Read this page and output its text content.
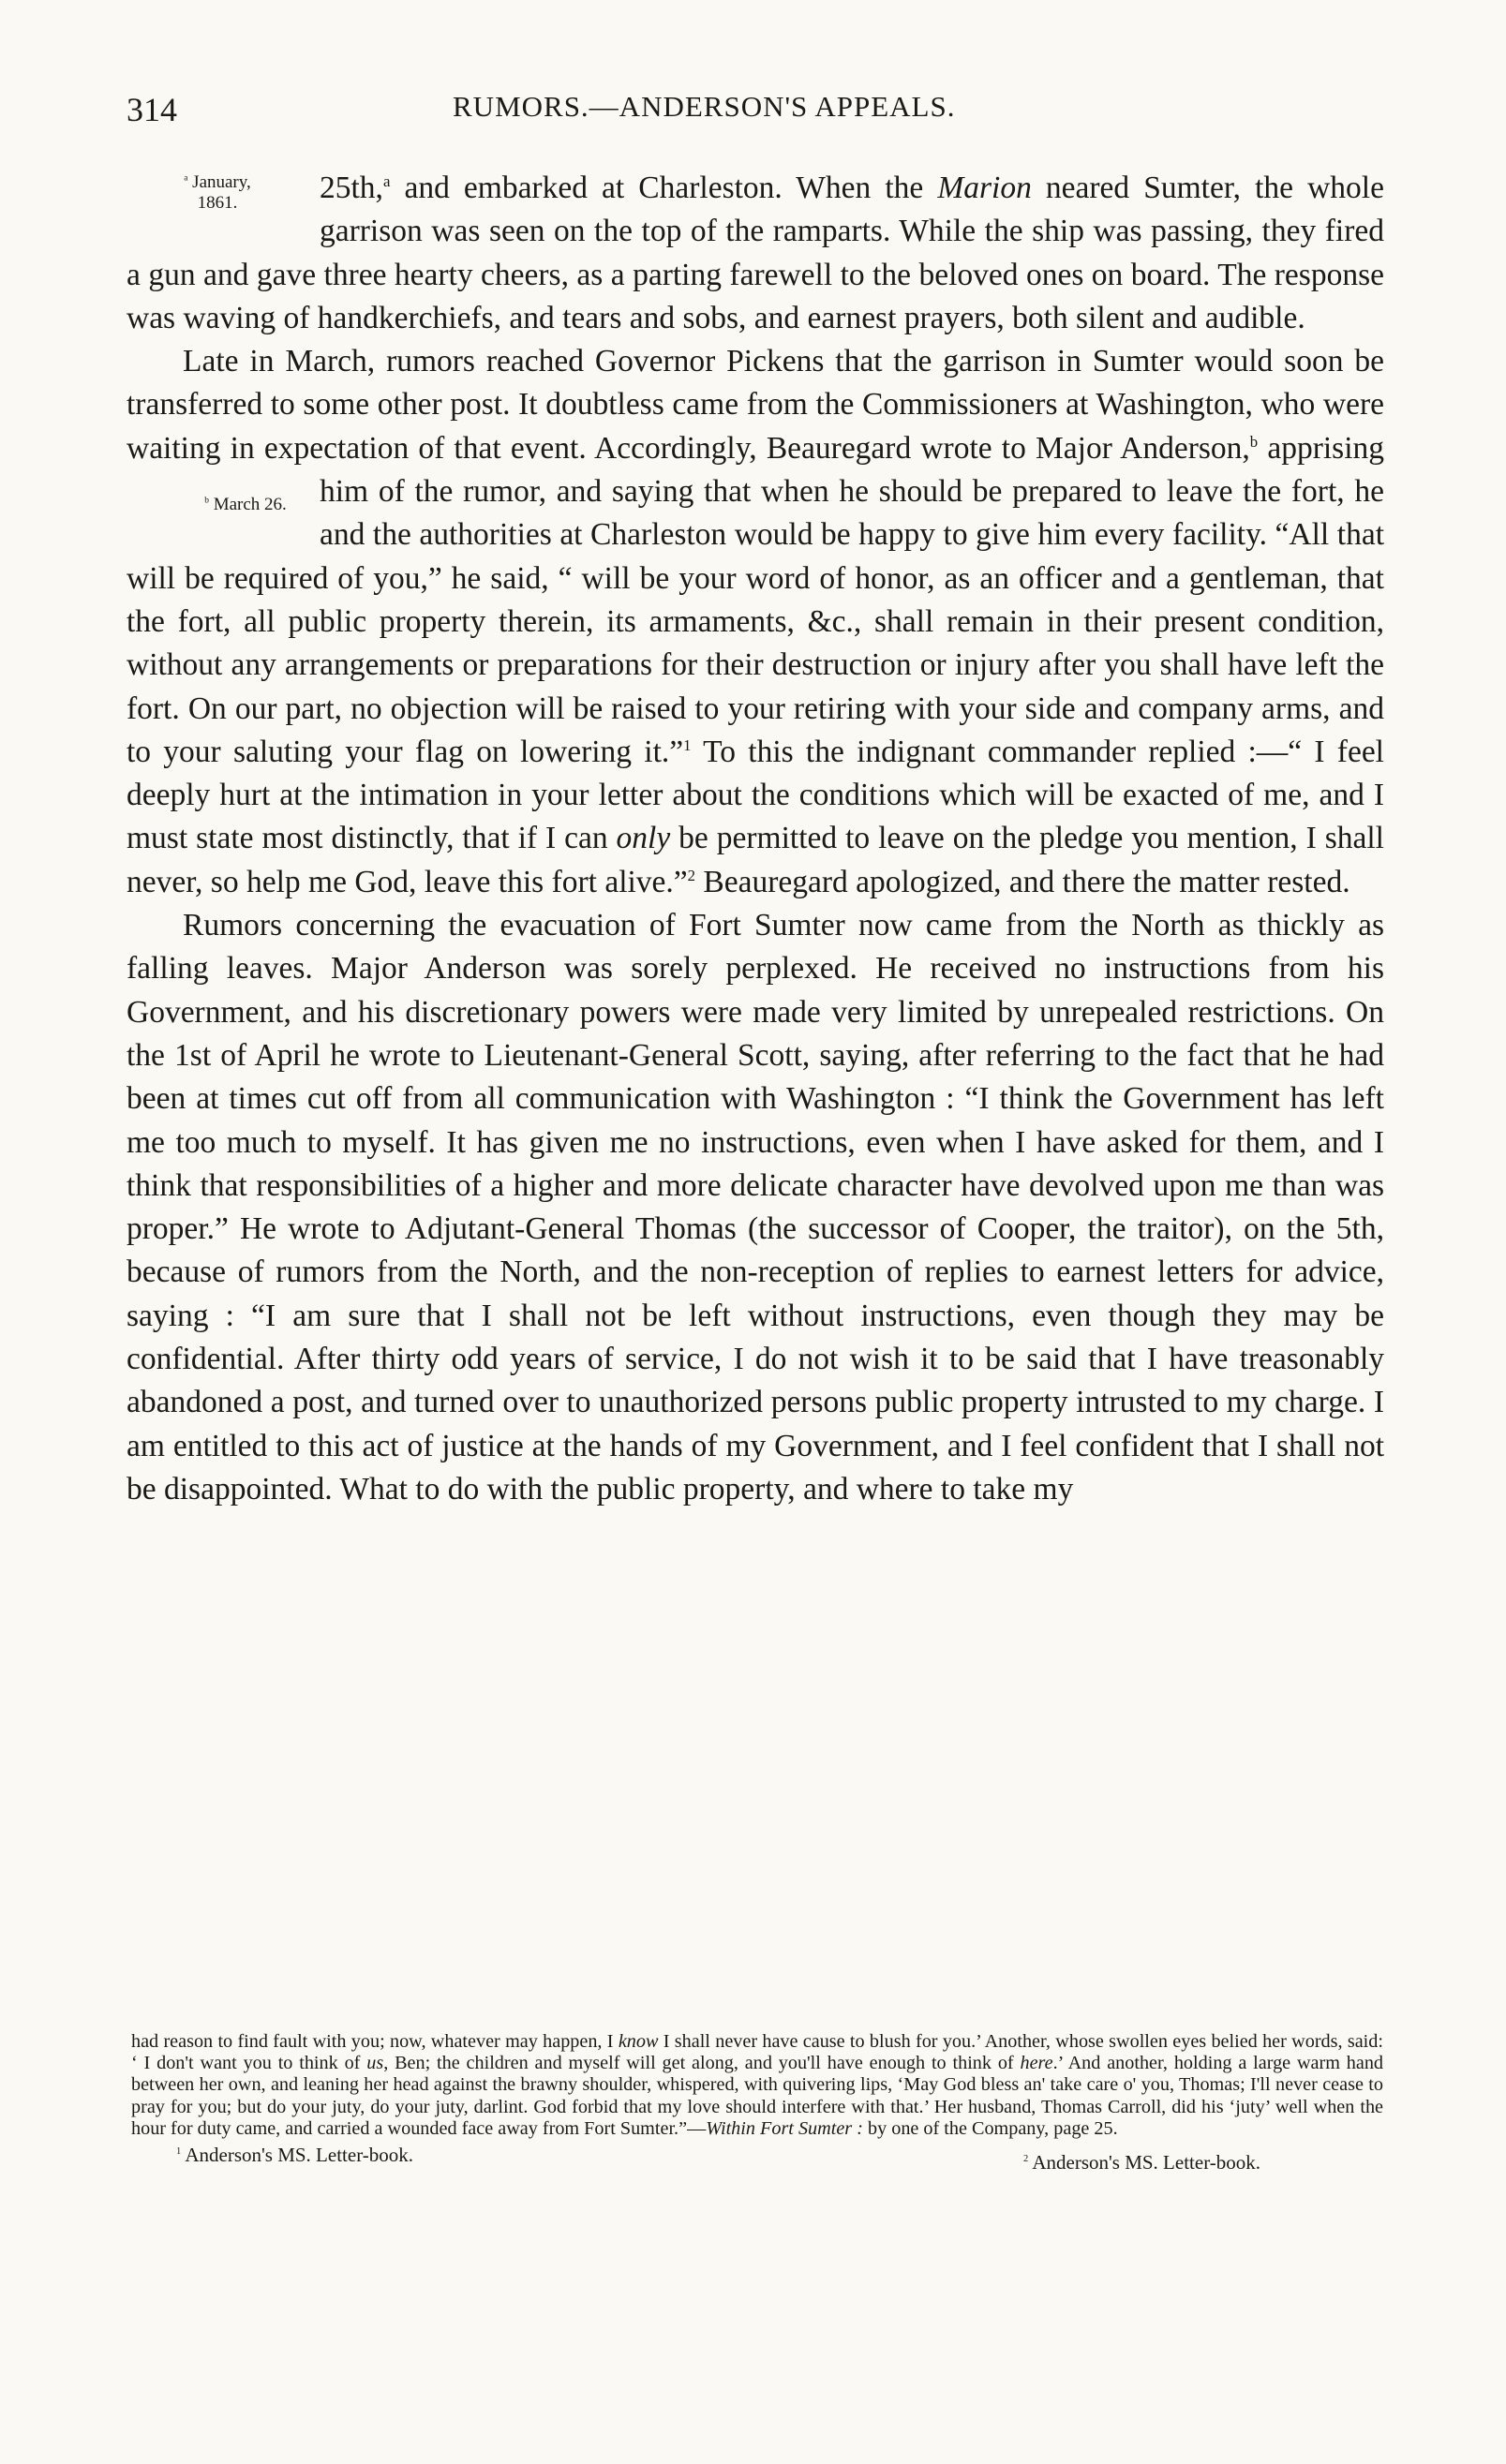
314	RUMORS.—ANDERSON'S APPEALS.

25th,$^a$
$^a$ January,
1861.	and embarked at Charleston. When the Marion neared Sumter, the whole garrison was seen on the top of the ramparts. While the ship was passing, they fired a gun and gave three hearty cheers, as a parting farewell to the beloved ones on board. The response was waving of handkerchiefs, and tears and sobs, and earnest prayers, both silent and audible.

Late in March, rumors reached Governor Pickens that the garrison in Sumter would soon be transferred to some other post. It doubtless came from the Commissioners at Washington, who were waiting in expectation of that event. Accordingly, Beauregard wrote to Major Anderson,$^b$
$^b$ March 26.
apprising him of the rumor, and saying that when he should be prepared to leave the fort, he and the authorities at Charleston would be happy to give him every facility. “All that will be required of you,” he said, “ will be your word of honor, as an officer and a gentleman, that the fort, all public property therein, its armaments, &c., shall remain in their present condition, without any arrangements or preparations for their destruction or injury after you shall have left the fort. On our part, no objection will be raised to your retiring with your side and company arms, and to your saluting your flag on lowering it.”$^1$ To this the indignant commander replied :—“ I feel deeply hurt at the intimation in your letter about the conditions which will be exacted of me, and I must state most distinctly, that if I can only be permitted to leave on the pledge you mention, I shall never, so help me God, leave this fort alive.”$^2$ Beauregard apologized, and there the matter rested.

Rumors concerning the evacuation of Fort Sumter now came from the North as thickly as falling leaves. Major Anderson was sorely perplexed. He received no instructions from his Government, and his discretionary powers were made very limited by unrepealed restrictions. On the 1st of April he wrote to Lieutenant-General Scott, saying, after referring to the fact that he had been at times cut off from all communication with Washington : “I think the Government has left me too much to myself. It has given me no instructions, even when I have asked for them, and I think that responsibilities of a higher and more delicate character have devolved upon me than was proper.” He wrote to Adjutant-General Thomas (the successor of Cooper, the traitor), on the 5th, because of rumors from the North, and the non-reception of replies to earnest letters for advice, saying : “I am sure that I shall not be left without instructions, even though they may be confidential. After thirty odd years of service, I do not wish it to be said that I have treasonably abandoned a post, and turned over to unauthorized persons public property intrusted to my charge. I am entitled to this act of justice at the hands of my Government, and I feel confident that I shall not be disappointed. What to do with the public property, and where to take my

had reason to find fault with you; now, whatever may happen, I know I shall never have cause to blush for you.’ Another, whose swollen eyes belied her words, said: ‘ I don't want you to think of us, Ben; the children and myself will get along, and you'll have enough to think of here.’ And another, holding a large warm hand between her own, and leaning her head against the brawny shoulder, whispered, with quivering lips, ‘May God bless an' take care o' you, Thomas; I'll never cease to pray for you; but do your juty, do your juty, darlint. God forbid that my love should interfere with that.’ Her husband, Thomas Carroll, did his ‘juty’ well when the hour for duty came, and carried a wounded face away from Fort Sumter.”—Within Fort Sumter : by one of the Company, page 25.

$^1$ Anderson's MS. Letter-book.	$^2$ Anderson's MS. Letter-book.
